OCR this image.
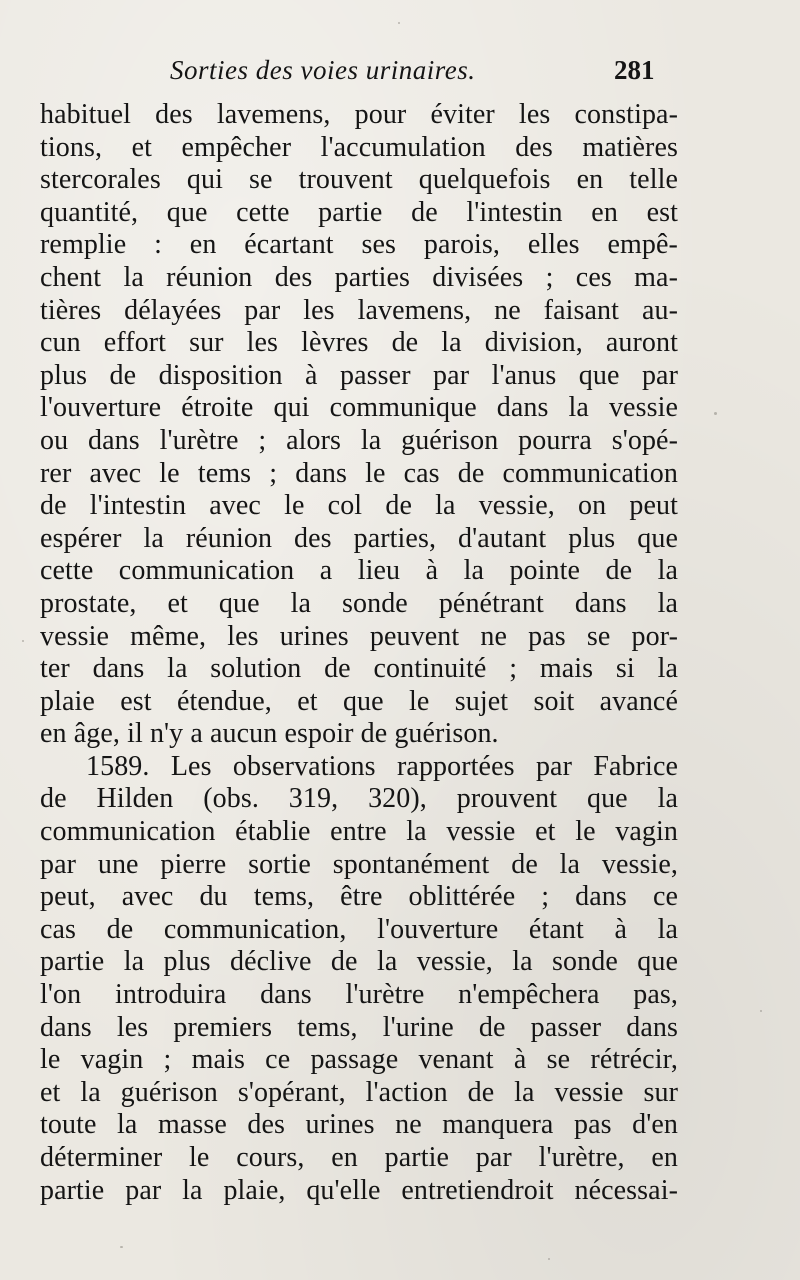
Sorties des voies urinaires.	281
habituel des lavemens, pour éviter les constipa-
tions, et empêcher l'accumulation des matières
stercorales qui se trouvent quelquefois en telle
quantité, que cette partie de l'intestin en est
remplie : en écartant ses parois, elles empê-
chent la réunion des parties divisées ; ces ma-
tières délayées par les lavemens, ne faisant au-
cun effort sur les lèvres de la division, auront
plus de disposition à passer par l'anus que par
l'ouverture étroite qui communique dans la vessie
ou dans l'urètre ; alors la guérison pourra s'opé-
rer avec le tems ; dans le cas de communication
de l'intestin avec le col de la vessie, on peut
espérer la réunion des parties, d'autant plus que
cette communication a lieu à la pointe de la
prostate, et que la sonde pénétrant dans la
vessie même, les urines peuvent ne pas se por-
ter dans la solution de continuité ; mais si la
plaie est étendue, et que le sujet soit avancé
en âge, il n'y a aucun espoir de guérison.
1589. Les observations rapportées par Fabrice
de Hilden (obs. 319, 320), prouvent que la
communication établie entre la vessie et le vagin
par une pierre sortie spontanément de la vessie,
peut, avec du tems, être oblittérée ; dans ce
cas de communication, l'ouverture étant à la
partie la plus déclive de la vessie, la sonde que
l'on introduira dans l'urètre n'empêchera pas,
dans les premiers tems, l'urine de passer dans
le vagin ; mais ce passage venant à se rétrécir,
et la guérison s'opérant, l'action de la vessie sur
toute la masse des urines ne manquera pas d'en
déterminer le cours, en partie par l'urètre, en
partie par la plaie, qu'elle entretiendroit nécessai-
